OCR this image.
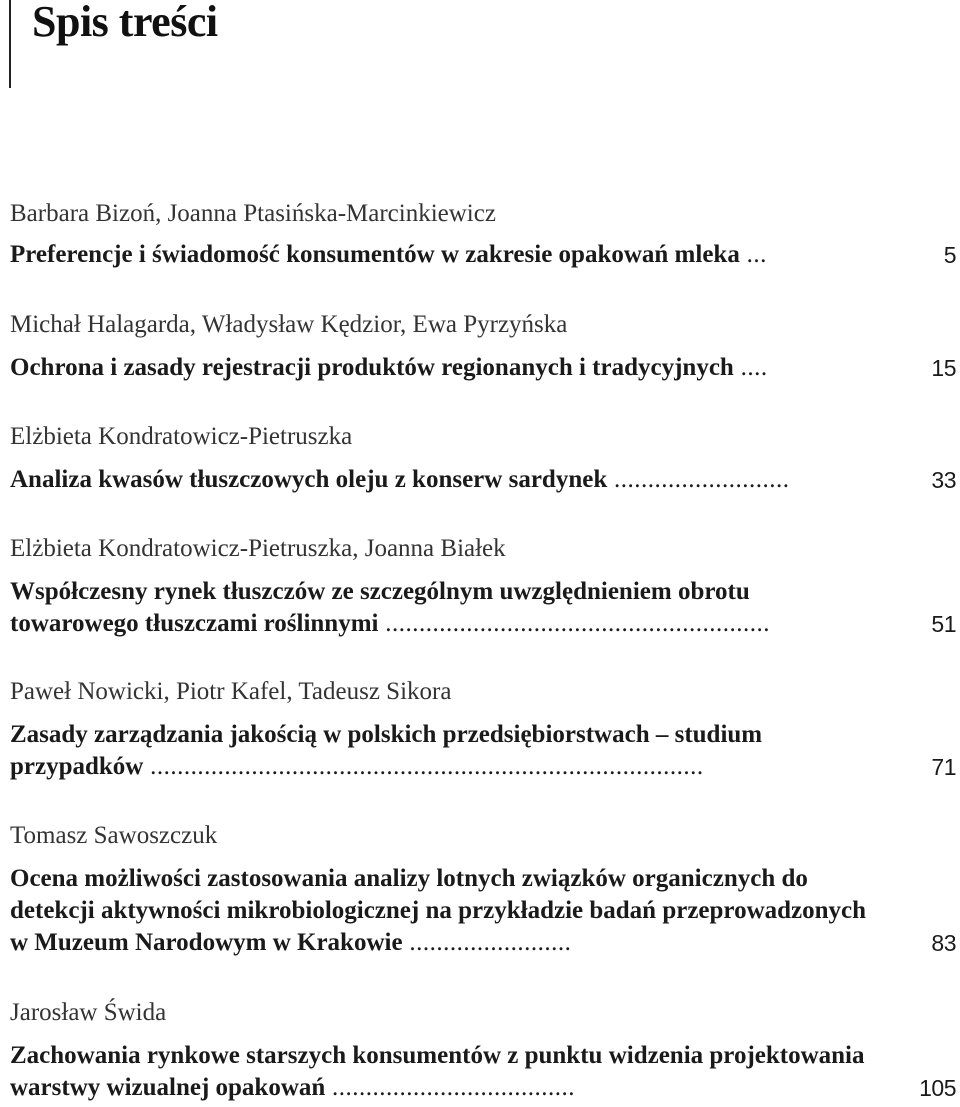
Spis treści
Barbara Bizoń, Joanna Ptasińska-Marcinkiewicz
Preferencje i świadomość konsumentów w zakresie opakowań mleka ...	5
Michał Halagarda, Władysław Kędzior, Ewa Pyrzyńska
Ochrona i zasady rejestracji produktów regionanych i tradycyjnych ....	15
Elżbieta Kondratowicz-Pietruszka
Analiza kwasów tłuszczowych oleju z konserw sardynek ..........................	33
Elżbieta Kondratowicz-Pietruszka, Joanna Białek
Współczesny rynek tłuszczów ze szczególnym uwzględnieniem obrotu towarowego tłuszczami roślinnymi .........................................................	51
Paweł Nowicki, Piotr Kafel, Tadeusz Sikora
Zasady zarządzania jakością w polskich przedsiębiorstwach – studium przypadków ..................................................................................	71
Tomasz Sawoszczuk
Ocena możliwości zastosowania analizy lotnych związków organicznych do detekcji aktywności mikrobiologicznej na przykładzie badań przeprowadzonych w Muzeum Narodowym w Krakowie ........................	83
Jarosław Świda
Zachowania rynkowe starszych konsumentów z punktu widzenia projektowania warstwy wizualnej opakowań ....................................	105
